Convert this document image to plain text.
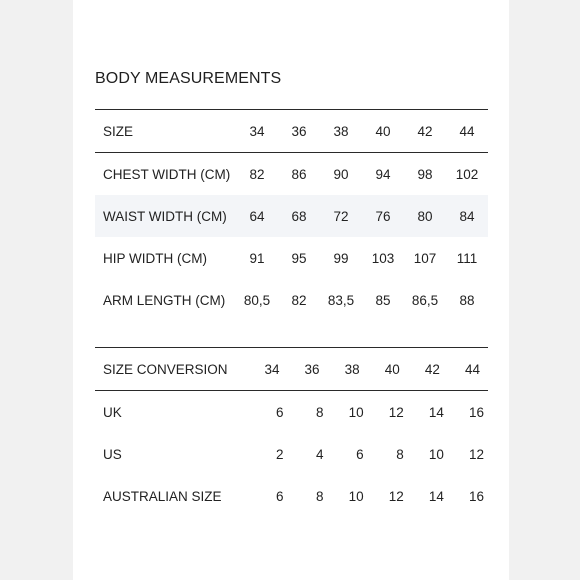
BODY MEASUREMENTS
SIZE	34	36	38	40	42	44
CHEST WIDTH (CM)	82	86	90	94	98	102
WAIST WIDTH (CM)	64	68	72	76	80	84
HIP WIDTH (CM)	91	95	99	103	107	111
ARM LENGTH (CM)	80,5	82	83,5	85	86,5	88
SIZE CONVERSION	34	36	38	40	42	44
UK	6	8	10	12	14	16
US	2	4	6	8	10	12
AUSTRALIAN SIZE	6	8	10	12	14	16
